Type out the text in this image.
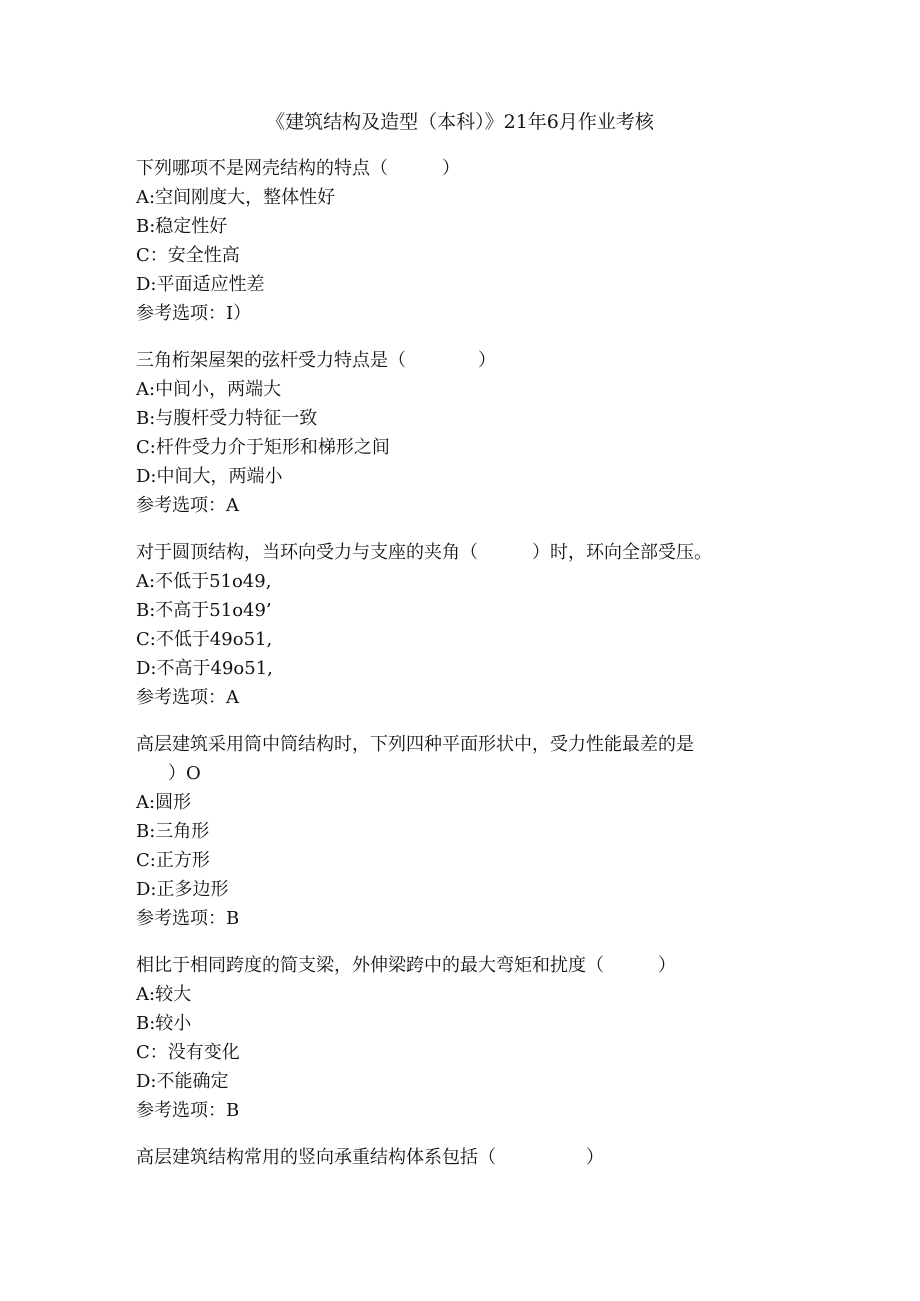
《建筑结构及造型（本科）》21年6月作业考核

下列哪项不是网壳结构的特点（　　　）

A:空间刚度大，整体性好

B:稳定性好

C：安全性高

D:平面适应性差

参考选项：I）

三角桁架屋架的弦杆受力特点是（　　　　）

A:中间小，两端大

B:与腹杆受力特征一致

C:杆件受力介于矩形和梯形之间

D:中间大，两端小

参考选项：A

对于圆顶结构，当环向受力与支座的夹角（　　　）时，环向全部受压。

A:不低于51o49,

B:不高于51o49’

C:不低于49o51,

D:不高于49o51,

参考选项：A

高层建筑采用筒中筒结构时，下列四种平面形状中，受力性能最差的是

）O

A:圆形

B:三角形

C:正方形

D:正多边形

参考选项：B

相比于相同跨度的简支梁，外伸梁跨中的最大弯矩和扰度（　　　）

A:较大

B:较小

C：没有变化

D:不能确定

参考选项：B

高层建筑结构常用的竖向承重结构体系包括（　　　　　）
